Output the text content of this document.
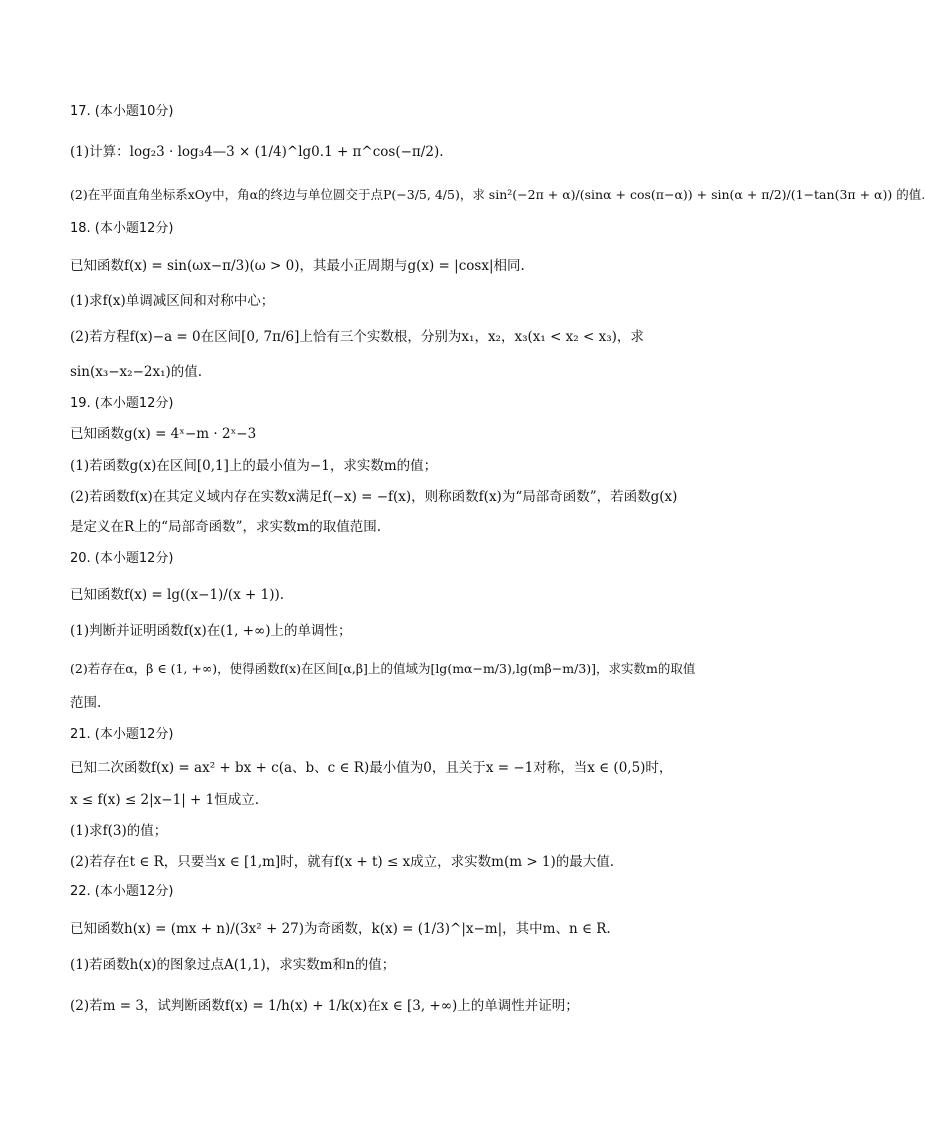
17. (本小题10分)
(1)计算：log₂3 · log₃4—3 × (1/4)^lg0.1 + π^cos(−π/2).
(2)在平面直角坐标系xOy中，角α的终边与单位圆交于点P(−3/5, 4/5)，求 sin²(−2π + α)/(sinα + cos(π−α)) + sin(α + π/2)/(1−tan(3π + α)) 的值.
18. (本小题12分)
已知函数f(x) = sin(ωx−π/3)(ω > 0)，其最小正周期与g(x) = |cosx|相同.
(1)求f(x)单调减区间和对称中心；
(2)若方程f(x)−a = 0在区间[0, 7π/6]上恰有三个实数根，分别为x₁，x₂，x₃(x₁ < x₂ < x₃)，求
sin(x₃−x₂−2x₁)的值.
19. (本小题12分)
已知函数g(x) = 4ˣ−m · 2ˣ−3
(1)若函数g(x)在区间[0,1]上的最小值为−1，求实数m的值；
(2)若函数f(x)在其定义域内存在实数x满足f(−x) = −f(x)，则称函数f(x)为“局部奇函数”，若函数g(x)
是定义在R上的“局部奇函数”，求实数m的取值范围.
20. (本小题12分)
已知函数f(x) = lg((x−1)/(x + 1)).
(1)判断并证明函数f(x)在(1, +∞)上的单调性；
(2)若存在α，β ∈ (1, +∞)，使得函数f(x)在区间[α,β]上的值域为[lg(mα−m/3),lg(mβ−m/3)]，求实数m的取值
范围.
21. (本小题12分)
已知二次函数f(x) = ax² + bx + c(a、b、c ∈ R)最小值为0，且关于x = −1对称，当x ∈ (0,5)时，
x ≤ f(x) ≤ 2|x−1| + 1恒成立.
(1)求f(3)的值；
(2)若存在t ∈ R，只要当x ∈ [1,m]时，就有f(x + t) ≤ x成立，求实数m(m > 1)的最大值.
22. (本小题12分)
已知函数h(x) = (mx + n)/(3x² + 27)为奇函数，k(x) = (1/3)^|x−m|，其中m、n ∈ R.
(1)若函数h(x)的图象过点A(1,1)，求实数m和n的值；
(2)若m = 3，试判断函数f(x) = 1/h(x) + 1/k(x)在x ∈ [3, +∞)上的单调性并证明；
